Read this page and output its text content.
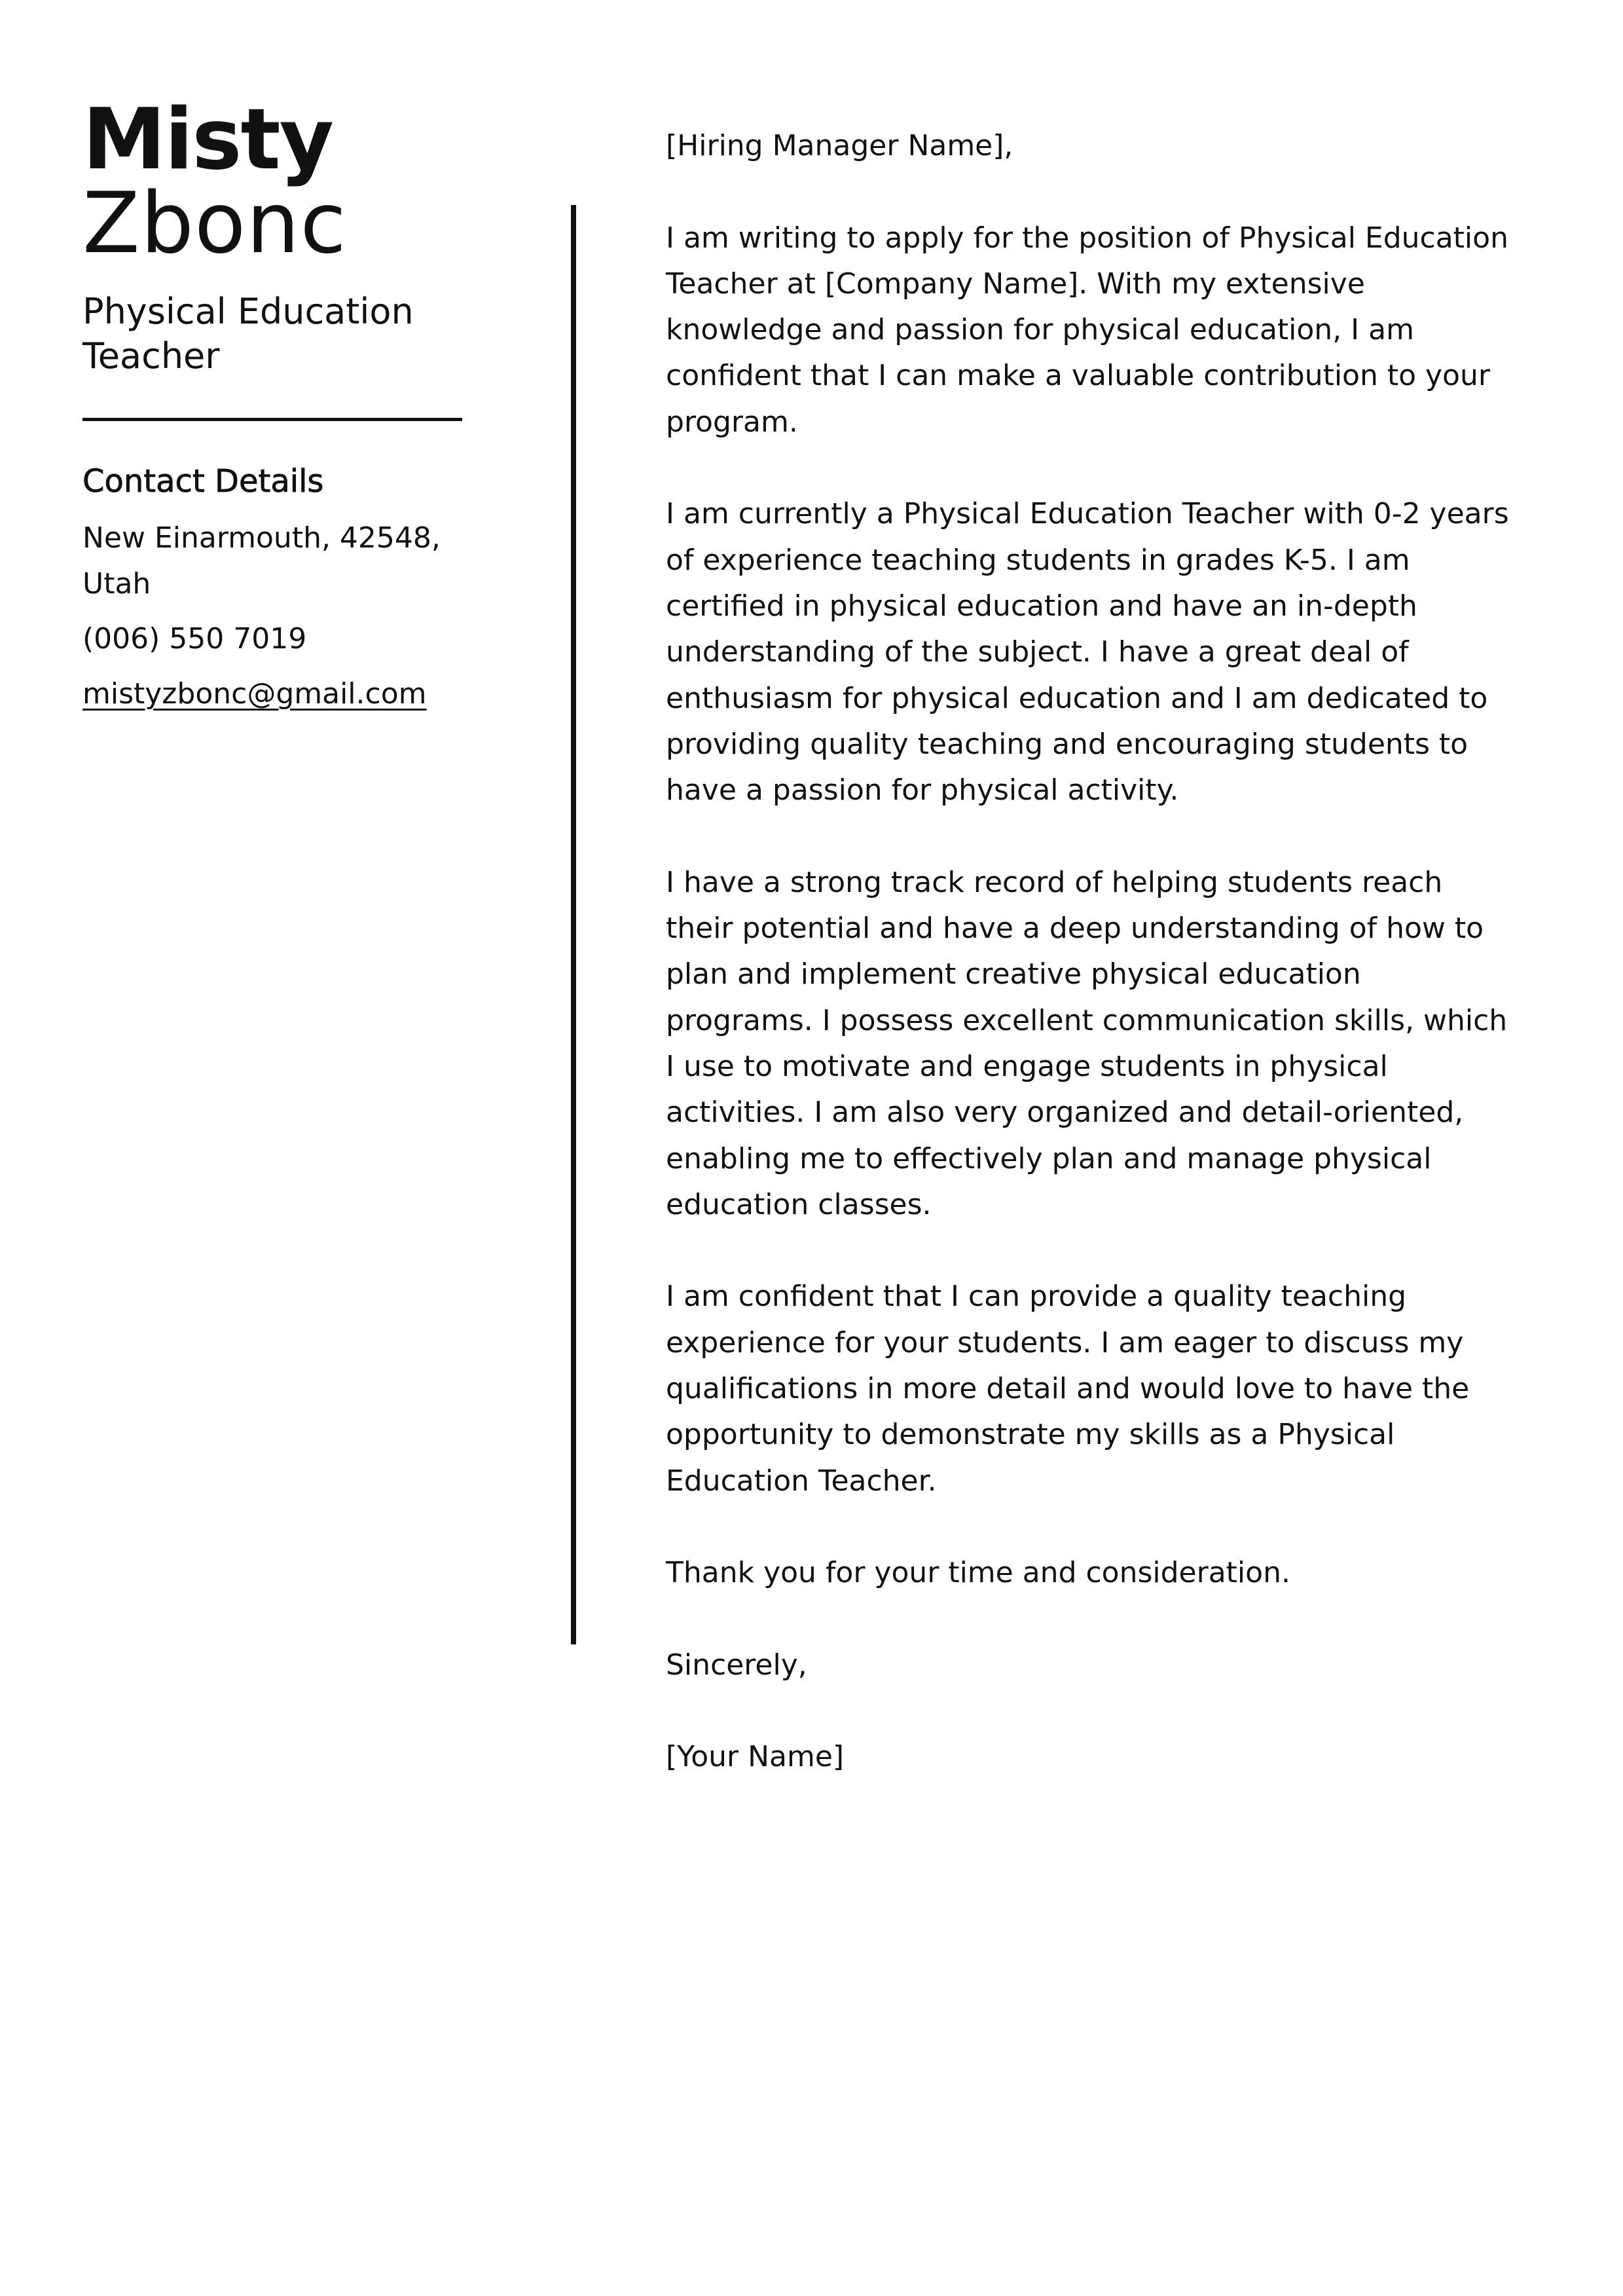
Misty
Zbonc
Physical Education Teacher
Contact Details
New Einarmouth, 42548, Utah
(006) 550 7019
mistyzbonc@gmail.com

[Hiring Manager Name],

I am writing to apply for the position of Physical Education Teacher at [Company Name]. With my extensive knowledge and passion for physical education, I am confident that I can make a valuable contribution to your program.

I am currently a Physical Education Teacher with 0-2 years of experience teaching students in grades K-5. I am certified in physical education and have an in-depth understanding of the subject. I have a great deal of enthusiasm for physical education and I am dedicated to providing quality teaching and encouraging students to have a passion for physical activity.

I have a strong track record of helping students reach their potential and have a deep understanding of how to plan and implement creative physical education programs. I possess excellent communication skills, which I use to motivate and engage students in physical activities. I am also very organized and detail-oriented, enabling me to effectively plan and manage physical education classes.

I am confident that I can provide a quality teaching experience for your students. I am eager to discuss my qualifications in more detail and would love to have the opportunity to demonstrate my skills as a Physical Education Teacher.

Thank you for your time and consideration.

Sincerely,

[Your Name]
